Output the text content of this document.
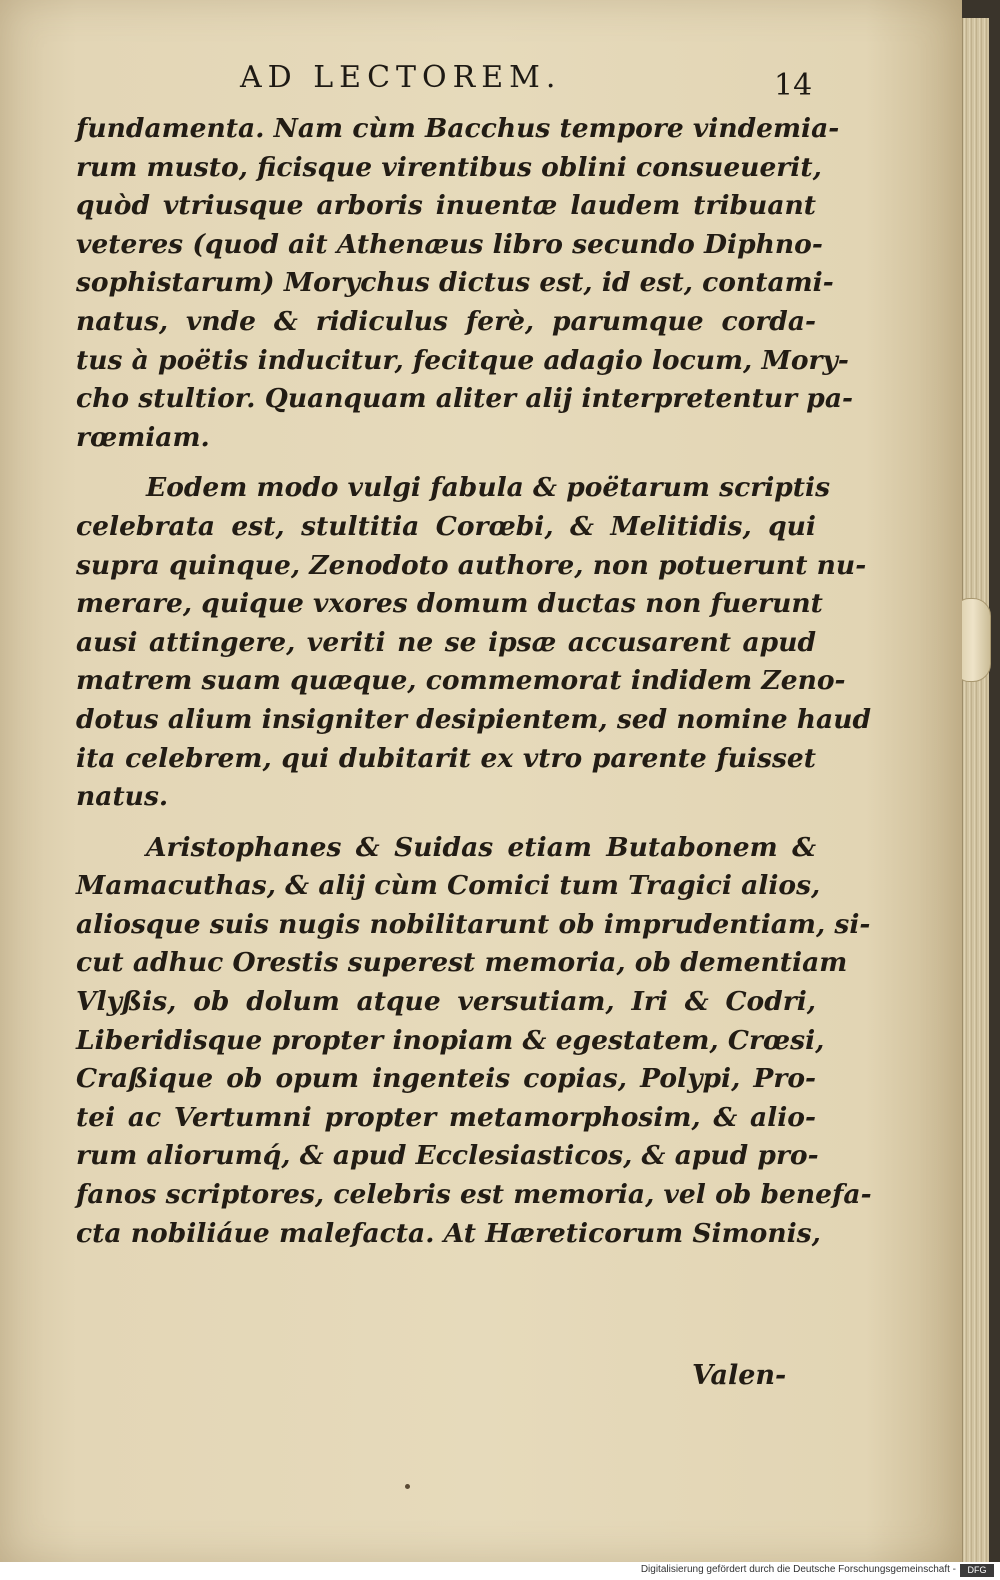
AD LECTOREM.	14
fundamenta. Nam cùm Bacchus tempore vindemia-
rum musto, ficisque virentibus oblini consueuerit,
quòd vtriusque arboris inuentæ laudem tribuant
veteres (quod ait Athenæus libro secundo Diphno-
sophistarum) Morychus dictus est, id est, contami-
natus, vnde & ridiculus ferè, parumque corda-
tus à poëtis inducitur, fecitque adagio locum, Mory-
cho stultior. Quanquam aliter alij interpretentur pa-
rœmiam.
Eodem modo vulgi fabula & poëtarum scriptis
celebrata est, stultitia Corœbi, & Melitidis, qui
supra quinque, Zenodoto authore, non potuerunt nu-
merare, quique vxores domum ductas non fuerunt
ausi attingere, veriti ne se ipsæ accusarent apud
matrem suam quæque, commemorat indidem Zeno-
dotus alium insigniter desipientem, sed nomine haud
ita celebrem, qui dubitarit ex vtro parente fuisset
natus.
Aristophanes & Suidas etiam Butabonem &
Mamacuthas, & alij cùm Comici tum Tragici alios,
aliosque suis nugis nobilitarunt ob imprudentiam, si-
cut adhuc Orestis superest memoria, ob dementiam
Vlyßis, ob dolum atque versutiam, Iri & Codri,
Liberidisque propter inopiam & egestatem, Crœsi,
Craßique ob opum ingenteis copias, Polypi, Pro-
tei ac Vertumni propter metamorphosim, & alio-
rum aliorumq́, & apud Ecclesiasticos, & apud pro-
fanos scriptores, celebris est memoria, vel ob benefa-
cta nobiliáue malefacta. At Hæreticorum Simonis,
Valen-
Digitalisierung gefördert durch die Deutsche Forschungsgemeinschaft -	DFG
